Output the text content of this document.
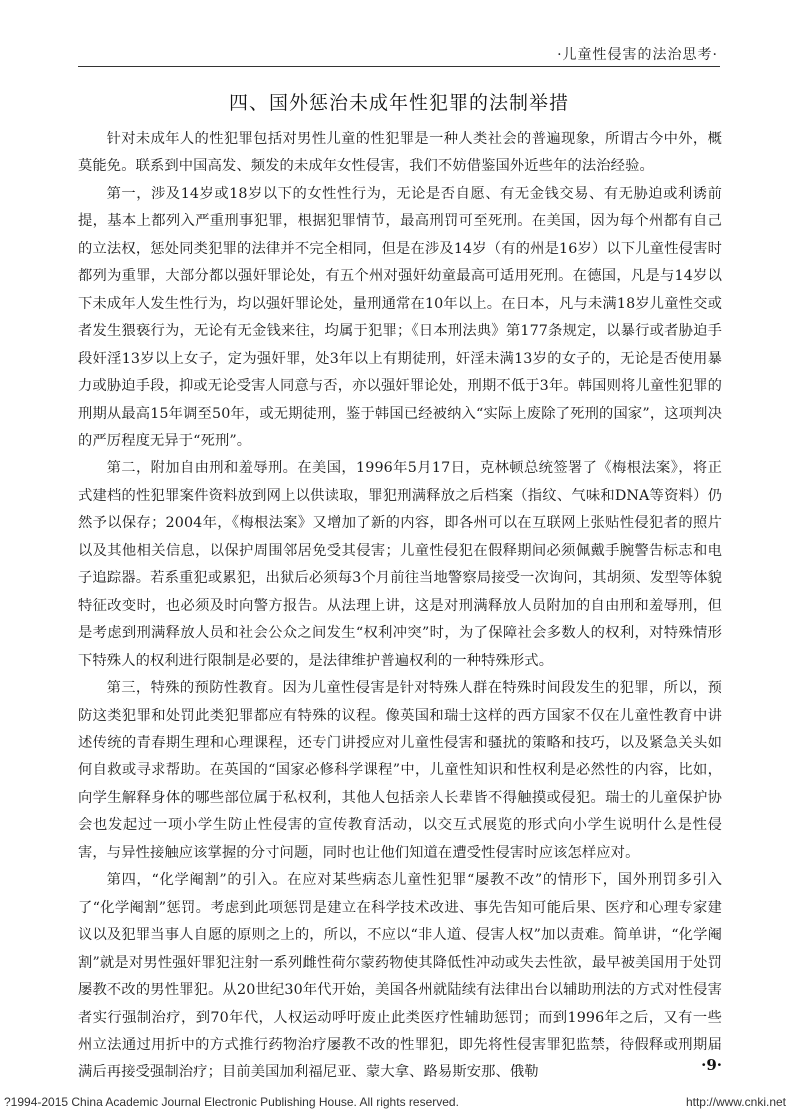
·儿童性侵害的法治思考·
四、国外惩治未成年性犯罪的法制举措

针对未成年人的性犯罪包括对男性儿童的性犯罪是一种人类社会的普遍现象，所谓古今中外，概莫能免。联系到中国高发、频发的未成年女性侵害，我们不妨借鉴国外近些年的法治经验。

第一，涉及14岁或18岁以下的女性性行为，无论是否自愿、有无金钱交易、有无胁迫或利诱前提，基本上都列入严重刑事犯罪，根据犯罪情节，最高刑罚可至死刑。在美国，因为每个州都有自己的立法权，惩处同类犯罪的法律并不完全相同，但是在涉及14岁（有的州是16岁）以下儿童性侵害时都列为重罪，大部分都以强奸罪论处，有五个州对强奸幼童最高可适用死刑。在德国，凡是与14岁以下未成年人发生性行为，均以强奸罪论处，量刑通常在10年以上。在日本，凡与未满18岁儿童性交或者发生猥亵行为，无论有无金钱来往，均属于犯罪；《日本刑法典》第177条规定，以暴行或者胁迫手段奸淫13岁以上女子，定为强奸罪，处3年以上有期徒刑，奸淫未满13岁的女子的，无论是否使用暴力或胁迫手段，抑或无论受害人同意与否，亦以强奸罪论处，刑期不低于3年。韩国则将儿童性犯罪的刑期从最高15年调至50年，或无期徒刑，鉴于韩国已经被纳入“实际上废除了死刑的国家”，这项判决的严厉程度无异于“死刑”。

第二，附加自由刑和羞辱刑。在美国，1996年5月17日，克林顿总统签署了《梅根法案》，将正式建档的性犯罪案件资料放到网上以供读取，罪犯刑满释放之后档案（指纹、气味和DNA等资料）仍然予以保存；2004年，《梅根法案》又增加了新的内容，即各州可以在互联网上张贴性侵犯者的照片以及其他相关信息，以保护周围邻居免受其侵害；儿童性侵犯在假释期间必须佩戴手腕警告标志和电子追踪器。若系重犯或累犯，出狱后必须每3个月前往当地警察局接受一次询问，其胡须、发型等体貌特征改变时，也必须及时向警方报告。从法理上讲，这是对刑满释放人员附加的自由刑和羞辱刑，但是考虑到刑满释放人员和社会公众之间发生“权利冲突”时，为了保障社会多数人的权利，对特殊情形下特殊人的权利进行限制是必要的，是法律维护普遍权利的一种特殊形式。

第三，特殊的预防性教育。因为儿童性侵害是针对特殊人群在特殊时间段发生的犯罪，所以，预防这类犯罪和处罚此类犯罪都应有特殊的议程。像英国和瑞士这样的西方国家不仅在儿童性教育中讲述传统的青春期生理和心理课程，还专门讲授应对儿童性侵害和骚扰的策略和技巧，以及紧急关头如何自救或寻求帮助。在英国的“国家必修科学课程”中，儿童性知识和性权利是必然性的内容，比如，向学生解释身体的哪些部位属于私权利，其他人包括亲人长辈皆不得触摸或侵犯。瑞士的儿童保护协会也发起过一项小学生防止性侵害的宣传教育活动，以交互式展览的形式向小学生说明什么是性侵害，与异性接触应该掌握的分寸问题，同时也让他们知道在遭受性侵害时应该怎样应对。

第四，“化学阉割”的引入。在应对某些病态儿童性犯罪“屡教不改”的情形下，国外刑罚多引入了“化学阉割”惩罚。考虑到此项惩罚是建立在科学技术改进、事先告知可能后果、医疗和心理专家建议以及犯罪当事人自愿的原则之上的，所以，不应以“非人道、侵害人权”加以责难。简单讲，“化学阉割”就是对男性强奸罪犯注射一系列雌性荷尔蒙药物使其降低性冲动或失去性欲，最早被美国用于处罚屡教不改的男性罪犯。从20世纪30年代开始，美国各州就陆续有法律出台以辅助刑法的方式对性侵害者实行强制治疗，到70年代，人权运动呼吁废止此类医疗性辅助惩罚；而到1996年之后，又有一些州立法通过用折中的方式推行药物治疗屡教不改的性罪犯，即先将性侵害罪犯监禁，待假释或刑期届满后再接受强制治疗；目前美国加利福尼亚、蒙大拿、路易斯安那、俄勒	·9·
?1994-2015 China Academic Journal Electronic Publishing House. All rights reserved.	http://www.cnki.net
